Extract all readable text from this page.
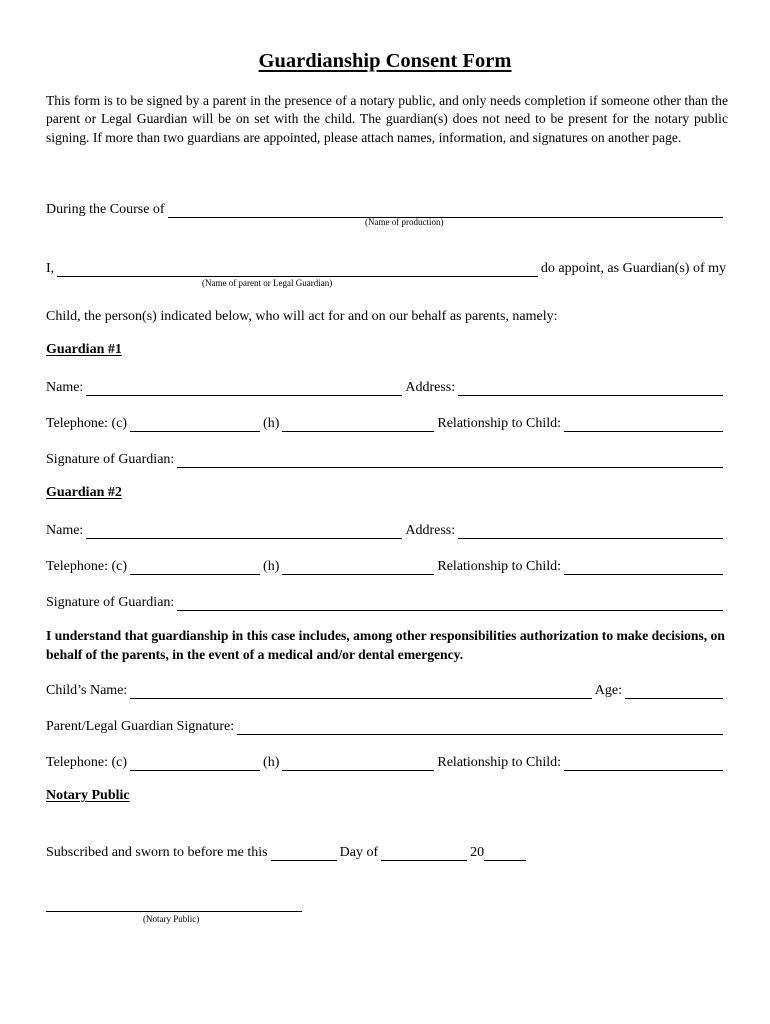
Guardianship Consent Form
This form is to be signed by a parent in the presence of a notary public, and only needs completion if someone other than the parent or Legal Guardian will be on set with the child. The guardian(s) does not need to be present for the notary public signing. If more than two guardians are appointed, please attach names, information, and signatures on another page.
During the Course of
(Name of production)
I,	do appoint, as Guardian(s) of my
(Name of parent or Legal Guardian)
Child, the person(s) indicated below, who will act for and on our behalf as parents, namely:
Guardian #1
Name:	Address:
Telephone: (c)	(h)	Relationship to Child:
Signature of Guardian:
Guardian #2
Name:	Address:
Telephone: (c)	(h)	Relationship to Child:
Signature of Guardian:
I understand that guardianship in this case includes, among other responsibilities authorization to make decisions, on behalf of the parents, in the event of a medical and/or dental emergency.
Child’s Name:	Age:
Parent/Legal Guardian Signature:
Telephone: (c)	(h)	Relationship to Child:
Notary Public
Subscribed and sworn to before me this	Day of	20
(Notary Public)
